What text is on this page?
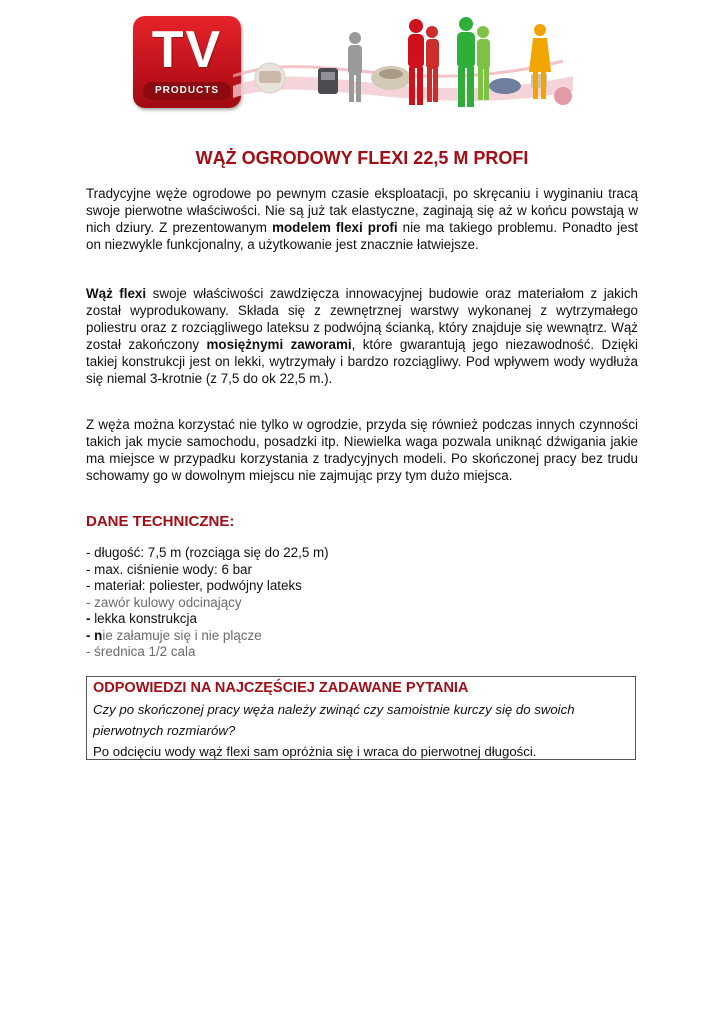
TV
PRODUCTS
WĄŻ OGRODOWY FLEXI 22,5 M PROFI

Tradycyjne węże ogrodowe po pewnym czasie eksploatacji, po skręcaniu i wyginaniu tracą swoje pierwotne właściwości. Nie są już tak elastyczne, zaginają się aż w końcu powstają w nich dziury. Z prezentowanym modelem flexi profi nie ma takiego problemu. Ponadto jest on niezwykle funkcjonalny, a użytkowanie jest znacznie łatwiejsze.

Wąż flexi swoje właściwości zawdzięcza innowacyjnej budowie oraz materiałom z jakich został wyprodukowany. Składa się z zewnętrznej warstwy wykonanej z wytrzymałego poliestru oraz z rozciągliwego lateksu z podwójną ścianką, który znajduje się wewnątrz. Wąż został zakończony mosiężnymi zaworami, które gwarantują jego niezawodność. Dzięki takiej konstrukcji jest on lekki, wytrzymały i bardzo rozciągliwy. Pod wpływem wody wydłuża się niemal 3-krotnie (z 7,5 do ok 22,5 m.).

Z węża można korzystać nie tylko w ogrodzie, przyda się również podczas innych czynności takich jak mycie samochodu, posadzki itp. Niewielka waga pozwala uniknąć dźwigania jakie ma miejsce w przypadku korzystania z tradycyjnych modeli. Po skończonej pracy bez trudu schowamy go w dowolnym miejscu nie zajmując przy tym dużo miejsca.

DANE TECHNICZNE:
- długość: 7,5 m (rozciąga się do 22,5 m)
- max. ciśnienie wody: 6 bar
- materiał: poliester, podwójny lateks
- zawór kulowy odcinający
- lekka konstrukcja
- nie załamuje się i nie plącze
- średnica 1/2 cala
ODPOWIEDZI NA NAJCZĘŚCIEJ ZADAWANE PYTANIA
Czy po skończonej pracy węża należy zwinąć czy samoistnie kurczy się do swoich pierwotnych rozmiarów?
Po odcięciu wody wąż flexi sam opróżnia się i wraca do pierwotnej długości.
